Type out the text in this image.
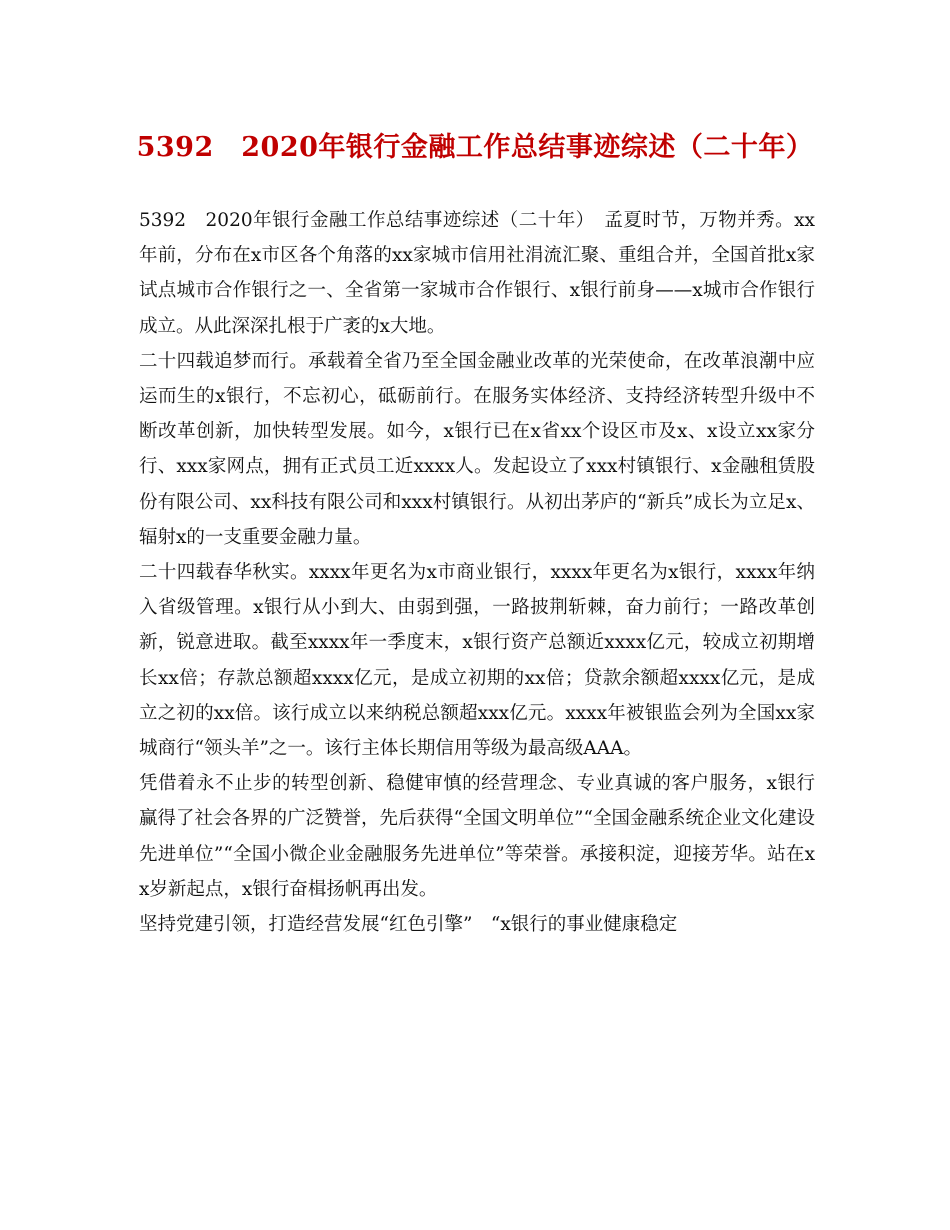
5392　2020年银行金融工作总结事迹综述（二十年）

5392　2020年银行金融工作总结事迹综述（二十年）　孟夏时节，万物并秀。xx年前，分布在x市区各个角落的xx家城市信用社涓流汇聚、重组合并，全国首批x家试点城市合作银行之一、全省第一家城市合作银行、x银行前身——x城市合作银行成立。从此深深扎根于广袤的x大地。

二十四载追梦而行。承载着全省乃至全国金融业改革的光荣使命，在改革浪潮中应运而生的x银行，不忘初心，砥砺前行。在服务实体经济、支持经济转型升级中不断改革创新，加快转型发展。如今，x银行已在x省xx个设区市及x、x设立xx家分行、xxx家网点，拥有正式员工近xxxx人。发起设立了xxx村镇银行、x金融租赁股份有限公司、xx科技有限公司和xxx村镇银行。从初出茅庐的“新兵”成长为立足x、辐射x的一支重要金融力量。

二十四载春华秋实。xxxx年更名为x市商业银行，xxxx年更名为x银行，xxxx年纳入省级管理。x银行从小到大、由弱到强，一路披荆斩棘，奋力前行；一路改革创新，锐意进取。截至xxxx年一季度末，x银行资产总额近xxxx亿元，较成立初期增长xx倍；存款总额超xxxx亿元，是成立初期的xx倍；贷款余额超xxxx亿元，是成立之初的xx倍。该行成立以来纳税总额超xxx亿元。xxxx年被银监会列为全国xx家城商行“领头羊”之一。该行主体长期信用等级为最高级AAA。

凭借着永不止步的转型创新、稳健审慎的经营理念、专业真诚的客户服务，x银行赢得了社会各界的广泛赞誉，先后获得“全国文明单位”“全国金融系统企业文化建设先进单位”“全国小微企业金融服务先进单位”等荣誉。承接积淀，迎接芳华。站在xx岁新起点，x银行奋楫扬帆再出发。

坚持党建引领，打造经营发展“红色引擎”　“x银行的事业健康稳定
